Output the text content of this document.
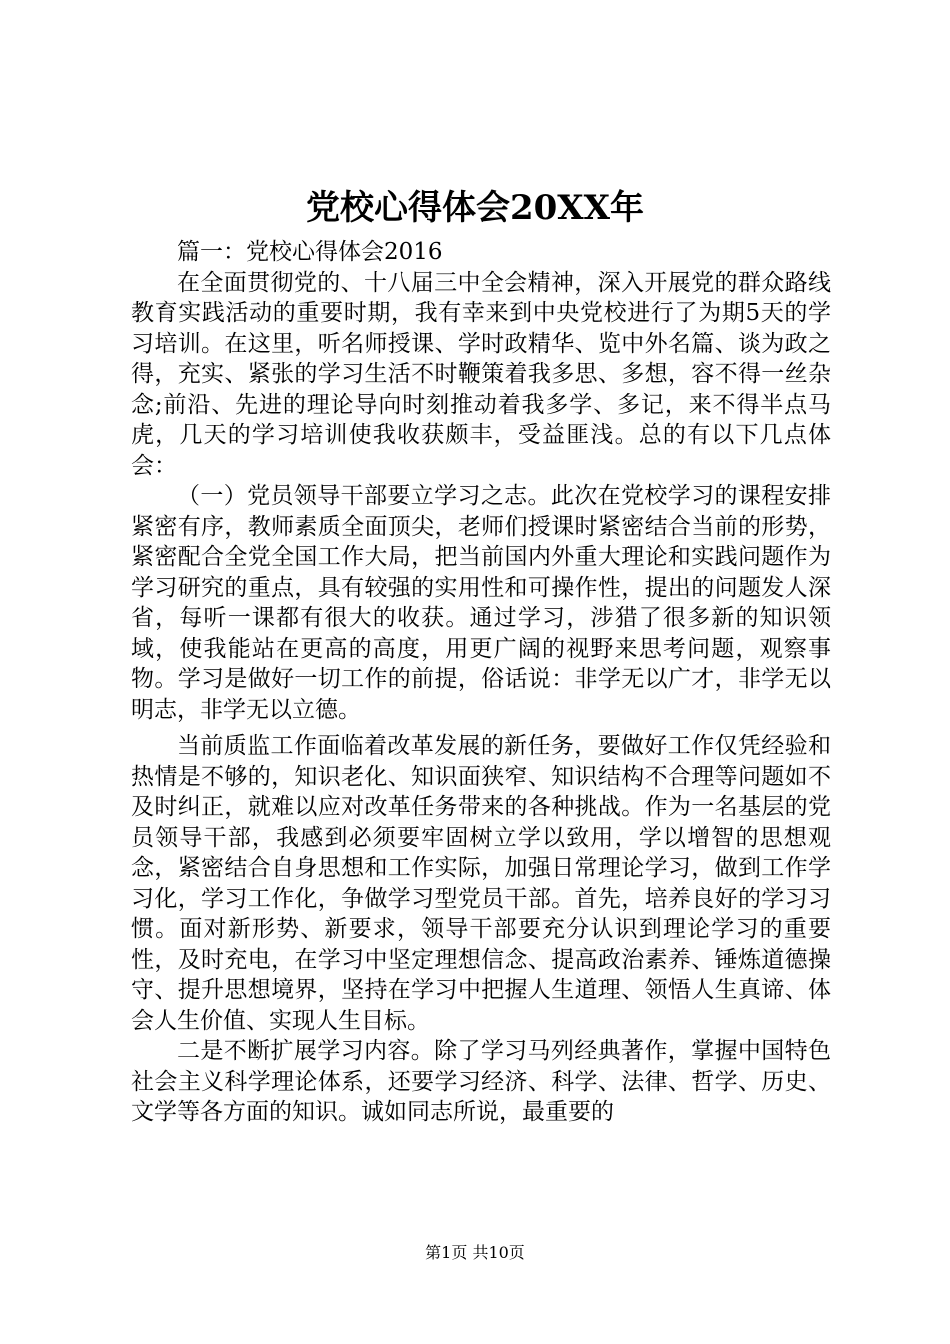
党校心得体会20XX年

篇一：党校心得体会2016

在全面贯彻党的、十八届三中全会精神，深入开展党的群众路线教育实践活动的重要时期，我有幸来到中央党校进行了为期5天的学习培训。在这里，听名师授课、学时政精华、览中外名篇、谈为政之得，充实、紧张的学习生活不时鞭策着我多思、多想，容不得一丝杂念;前沿、先进的理论导向时刻推动着我多学、多记，来不得半点马虎，几天的学习培训使我收获颇丰，受益匪浅。总的有以下几点体会：

（一）党员领导干部要立学习之志。此次在党校学习的课程安排紧密有序，教师素质全面顶尖，老师们授课时紧密结合当前的形势，紧密配合全党全国工作大局，把当前国内外重大理论和实践问题作为学习研究的重点，具有较强的实用性和可操作性，提出的问题发人深省，每听一课都有很大的收获。通过学习，涉猎了很多新的知识领域，使我能站在更高的高度，用更广阔的视野来思考问题，观察事物。学习是做好一切工作的前提，俗话说：非学无以广才，非学无以明志，非学无以立德。

当前质监工作面临着改革发展的新任务，要做好工作仅凭经验和热情是不够的，知识老化、知识面狭窄、知识结构不合理等问题如不及时纠正，就难以应对改革任务带来的各种挑战。作为一名基层的党员领导干部，我感到必须要牢固树立学以致用，学以增智的思想观念，紧密结合自身思想和工作实际，加强日常理论学习，做到工作学习化，学习工作化，争做学习型党员干部。首先，培养良好的学习习惯。面对新形势、新要求，领导干部要充分认识到理论学习的重要性，及时充电，在学习中坚定理想信念、提高政治素养、锤炼道德操守、提升思想境界，坚持在学习中把握人生道理、领悟人生真谛、体会人生价值、实现人生目标。

二是不断扩展学习内容。除了学习马列经典著作，掌握中国特色社会主义科学理论体系，还要学习经济、科学、法律、哲学、历史、文学等各方面的知识。诚如同志所说，最重要的

第1页 共10页
